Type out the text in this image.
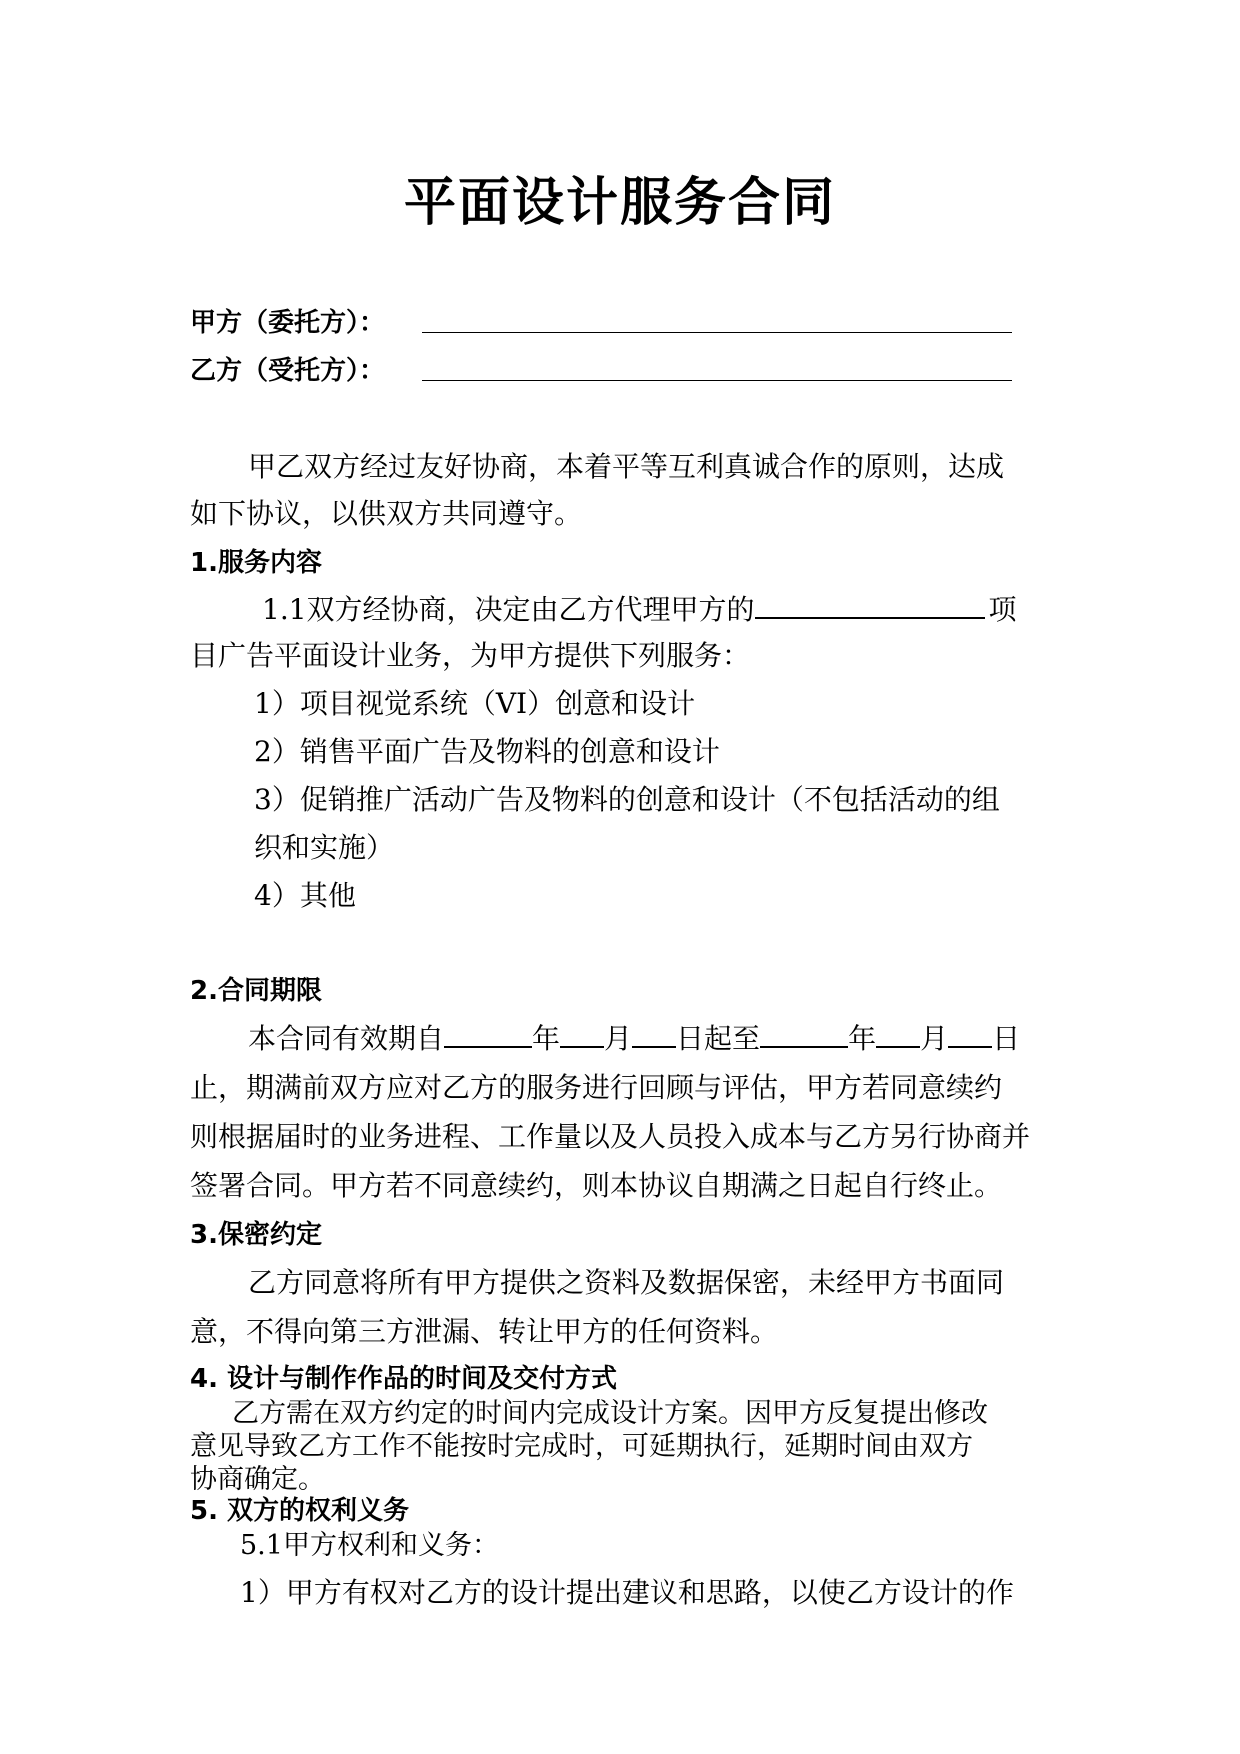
平面设计服务合同
甲方（委托方）：
乙方（受托方）：
甲乙双方经过友好协商，本着平等互利真诚合作的原则，达成
如下协议，以供双方共同遵守。
1.服务内容
1.1双方经协商，决定由乙方代理甲方的	项
目广告平面设计业务，为甲方提供下列服务：
1）项目视觉系统（VI）创意和设计
2）销售平面广告及物料的创意和设计
3）促销推广活动广告及物料的创意和设计（不包括活动的组
织和实施）
4）其他
2.合同期限
本合同有效期自	年 月 日起至	年 月 日
止，期满前双方应对乙方的服务进行回顾与评估，甲方若同意续约
则根据届时的业务进程、工作量以及人员投入成本与乙方另行协商并
签署合同。甲方若不同意续约，则本协议自期满之日起自行终止。
3.保密约定
乙方同意将所有甲方提供之资料及数据保密，未经甲方书面同
意，不得向第三方泄漏、转让甲方的任何资料。
4. 设计与制作作品的时间及交付方式
乙方需在双方约定的时间内完成设计方案。因甲方反复提出修改
意见导致乙方工作不能按时完成时，可延期执行，延期时间由双方
协商确定。
5. 双方的权利义务
5.1甲方权利和义务：
1）甲方有权对乙方的设计提出建议和思路，以使乙方设计的作
